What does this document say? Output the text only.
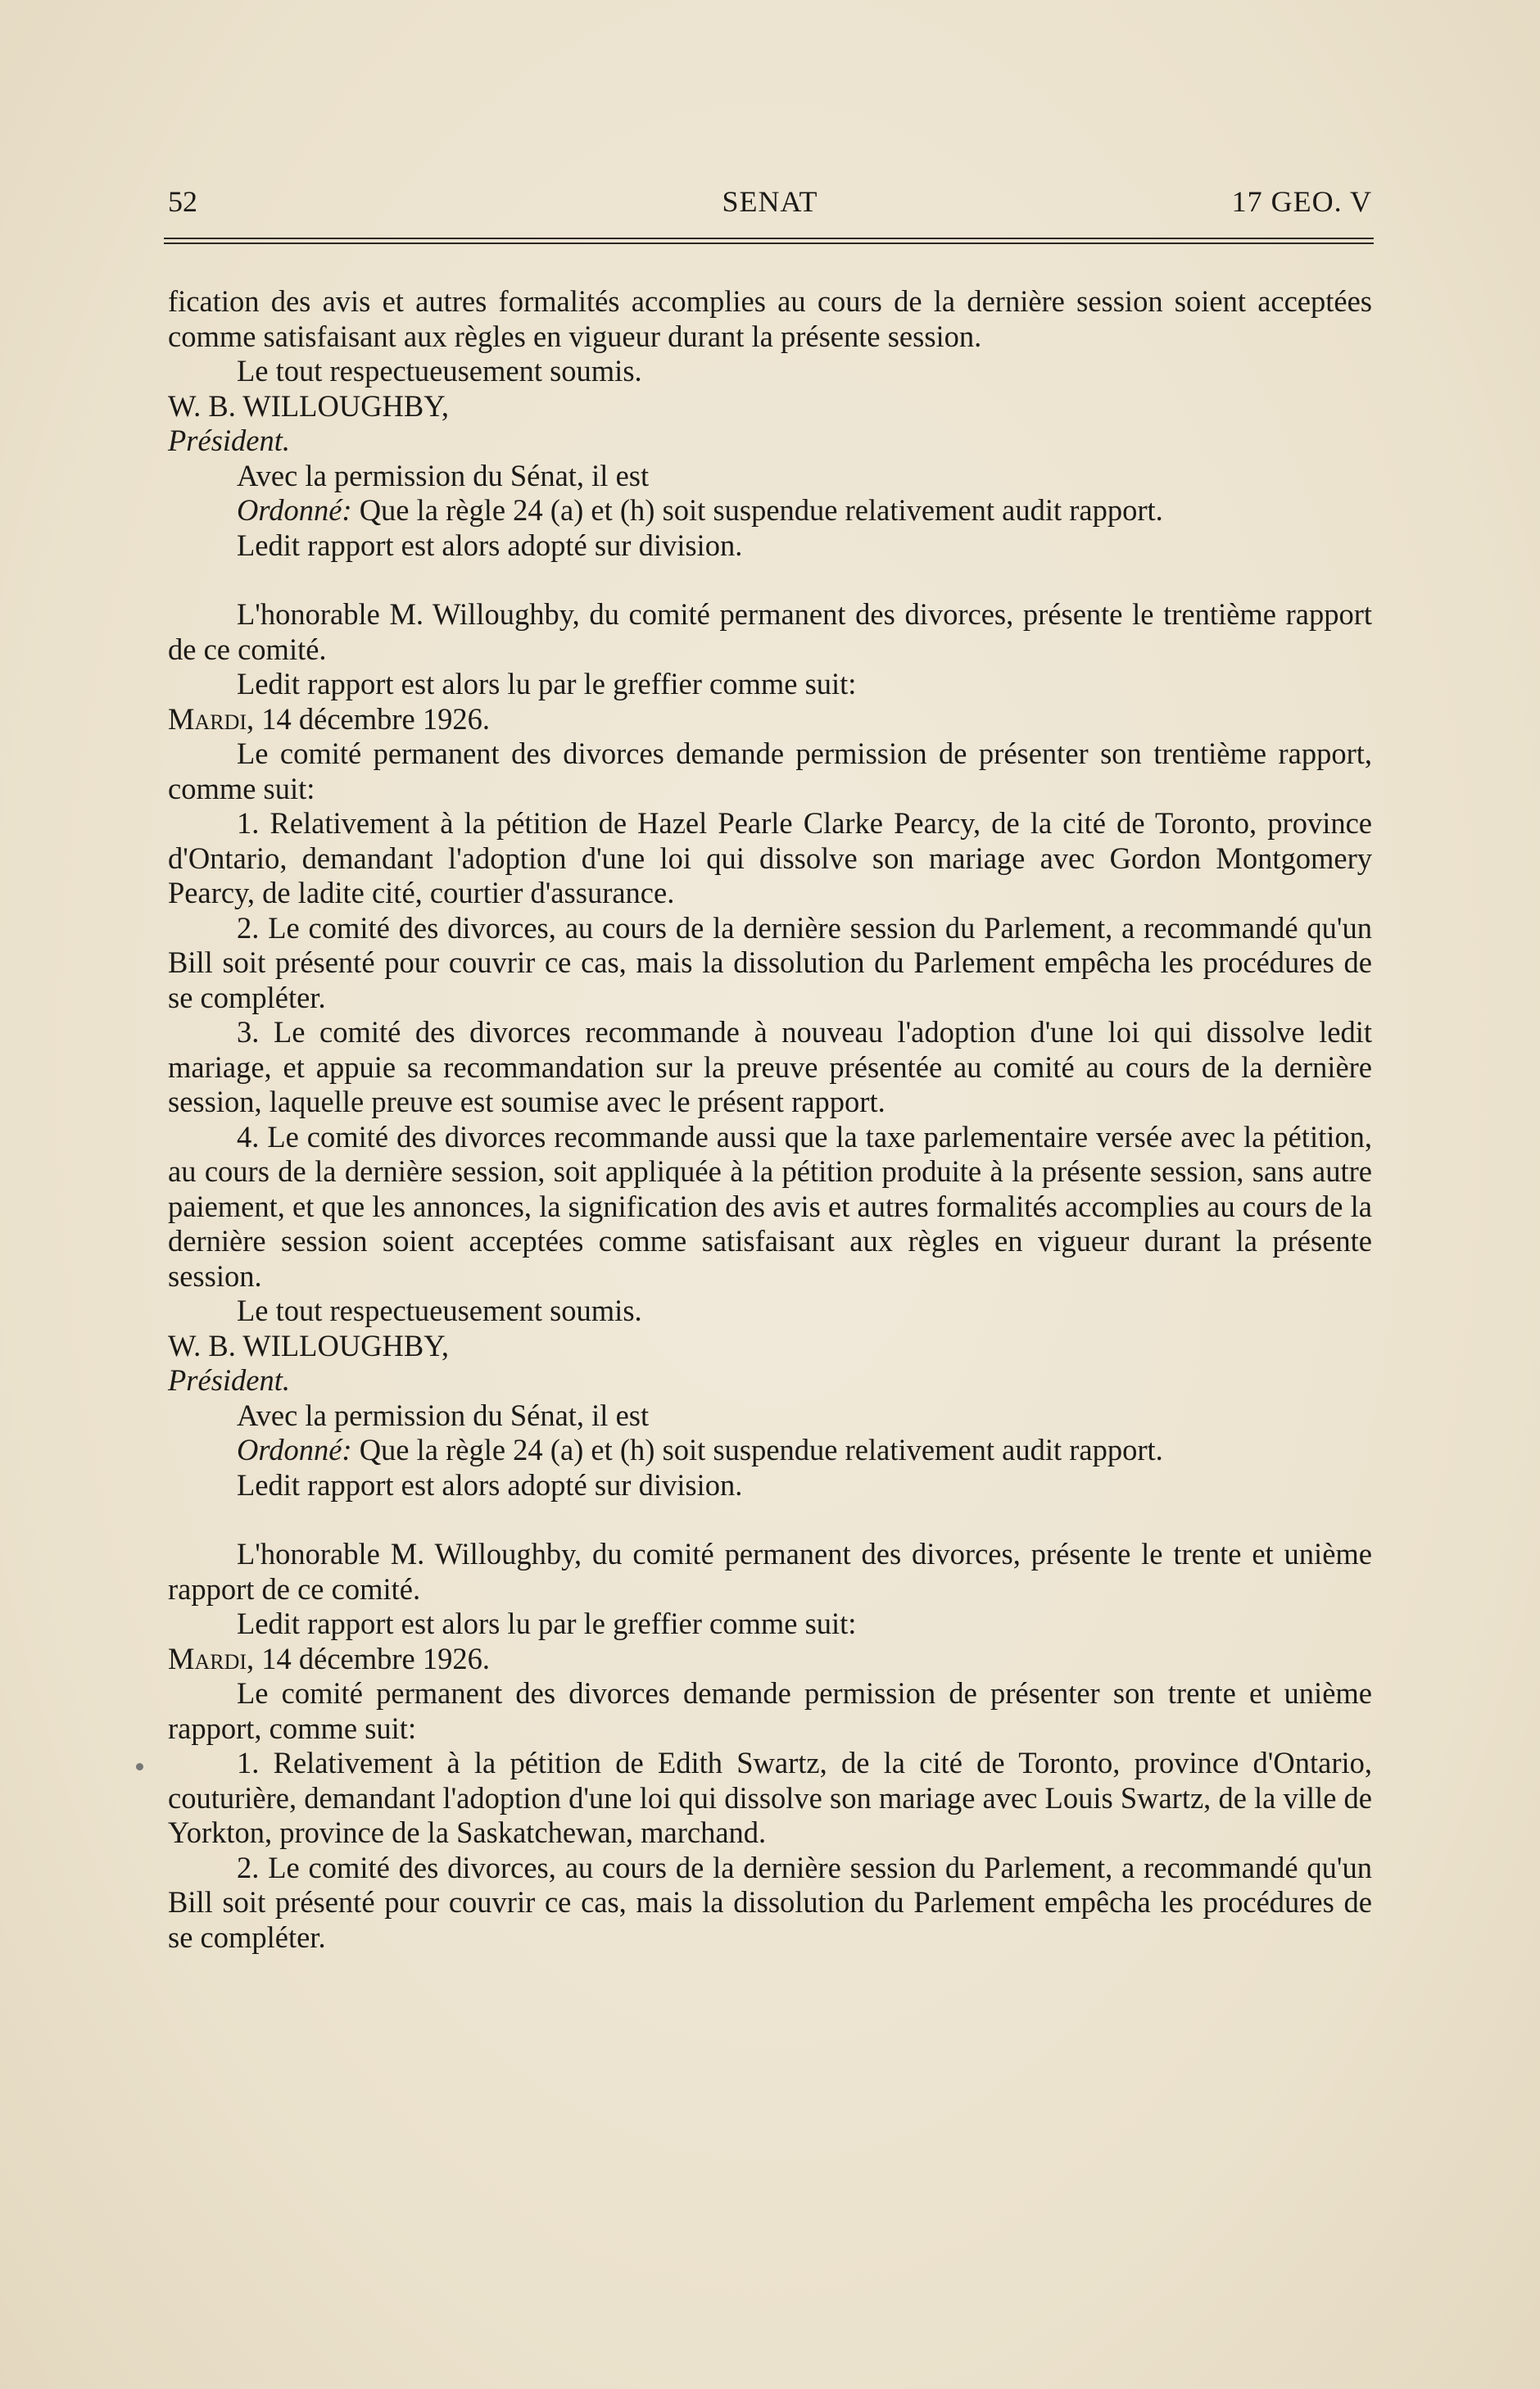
52	SENAT	17 GEO. V

fication des avis et autres formalités accomplies au cours de la dernière session soient acceptées comme satisfaisant aux règles en vigueur durant la présente session.

Le tout respectueusement soumis.

W. B. WILLOUGHBY,

Président.

Avec la permission du Sénat, il est

Ordonné: Que la règle 24 (a) et (h) soit suspendue relativement audit rapport.

Ledit rapport est alors adopté sur division.

L'honorable M. Willoughby, du comité permanent des divorces, présente le trentième rapport de ce comité.

Ledit rapport est alors lu par le greffier comme suit:

Mardi, 14 décembre 1926.

Le comité permanent des divorces demande permission de présenter son trentième rapport, comme suit:

1. Relativement à la pétition de Hazel Pearle Clarke Pearcy, de la cité de Toronto, province d'Ontario, demandant l'adoption d'une loi qui dissolve son mariage avec Gordon Montgomery Pearcy, de ladite cité, courtier d'assurance.

2. Le comité des divorces, au cours de la dernière session du Parlement, a recommandé qu'un Bill soit présenté pour couvrir ce cas, mais la dissolution du Parlement empêcha les procédures de se compléter.

3. Le comité des divorces recommande à nouveau l'adoption d'une loi qui dissolve ledit mariage, et appuie sa recommandation sur la preuve présentée au comité au cours de la dernière session, laquelle preuve est soumise avec le présent rapport.

4. Le comité des divorces recommande aussi que la taxe parlementaire versée avec la pétition, au cours de la dernière session, soit appliquée à la pétition produite à la présente session, sans autre paiement, et que les annonces, la signification des avis et autres formalités accomplies au cours de la dernière session soient acceptées comme satisfaisant aux règles en vigueur durant la présente session.

Le tout respectueusement soumis.

W. B. WILLOUGHBY,

Président.

Avec la permission du Sénat, il est

Ordonné: Que la règle 24 (a) et (h) soit suspendue relativement audit rapport.

Ledit rapport est alors adopté sur division.

L'honorable M. Willoughby, du comité permanent des divorces, présente le trente et unième rapport de ce comité.

Ledit rapport est alors lu par le greffier comme suit:

Mardi, 14 décembre 1926.

Le comité permanent des divorces demande permission de présenter son trente et unième rapport, comme suit:

1. Relativement à la pétition de Edith Swartz, de la cité de Toronto, province d'Ontario, couturière, demandant l'adoption d'une loi qui dissolve son mariage avec Louis Swartz, de la ville de Yorkton, province de la Saskatchewan, marchand.

2. Le comité des divorces, au cours de la dernière session du Parlement, a recommandé qu'un Bill soit présenté pour couvrir ce cas, mais la dissolution du Parlement empêcha les procédures de se compléter.
